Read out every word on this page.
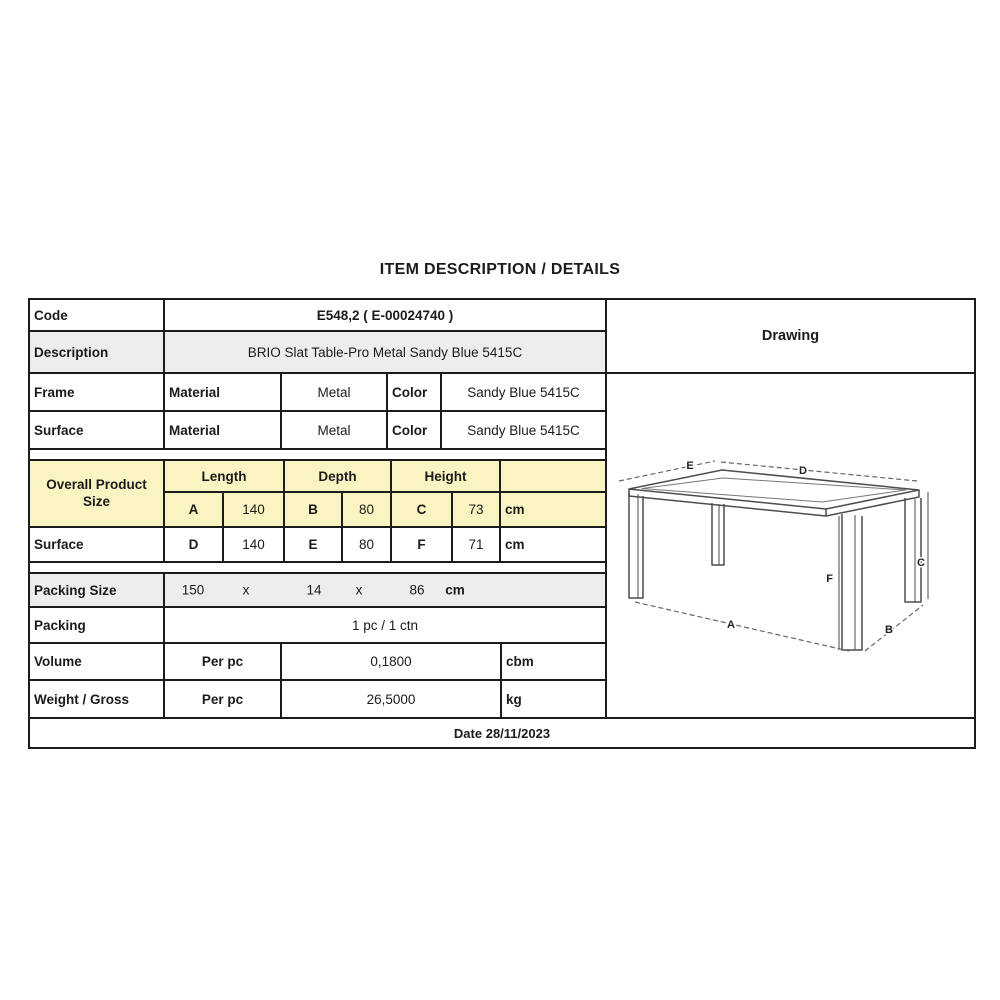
ITEM DESCRIPTION / DETAILS
Code	E548,2 ( E-00024740 )
Description	BRIO Slat Table-Pro Metal Sandy Blue 5415C
Frame	Material	Metal	Color	Sandy Blue 5415C
Surface	Material	Metal	Color	Sandy Blue 5415C
Overall Product Size
Length	Depth	Height
A	140	B	80	C	73	cm
Surface	D	140	E	80	F	71	cm
Packing Size	150	x	14	x	86 cm
Packing	1 pc / 1 ctn
Volume	Per pc	0,1800	cbm
Weight / Gross	Per pc	26,5000	kg
Drawing
E	D
A	B
F
C
Date 28/11/2023
